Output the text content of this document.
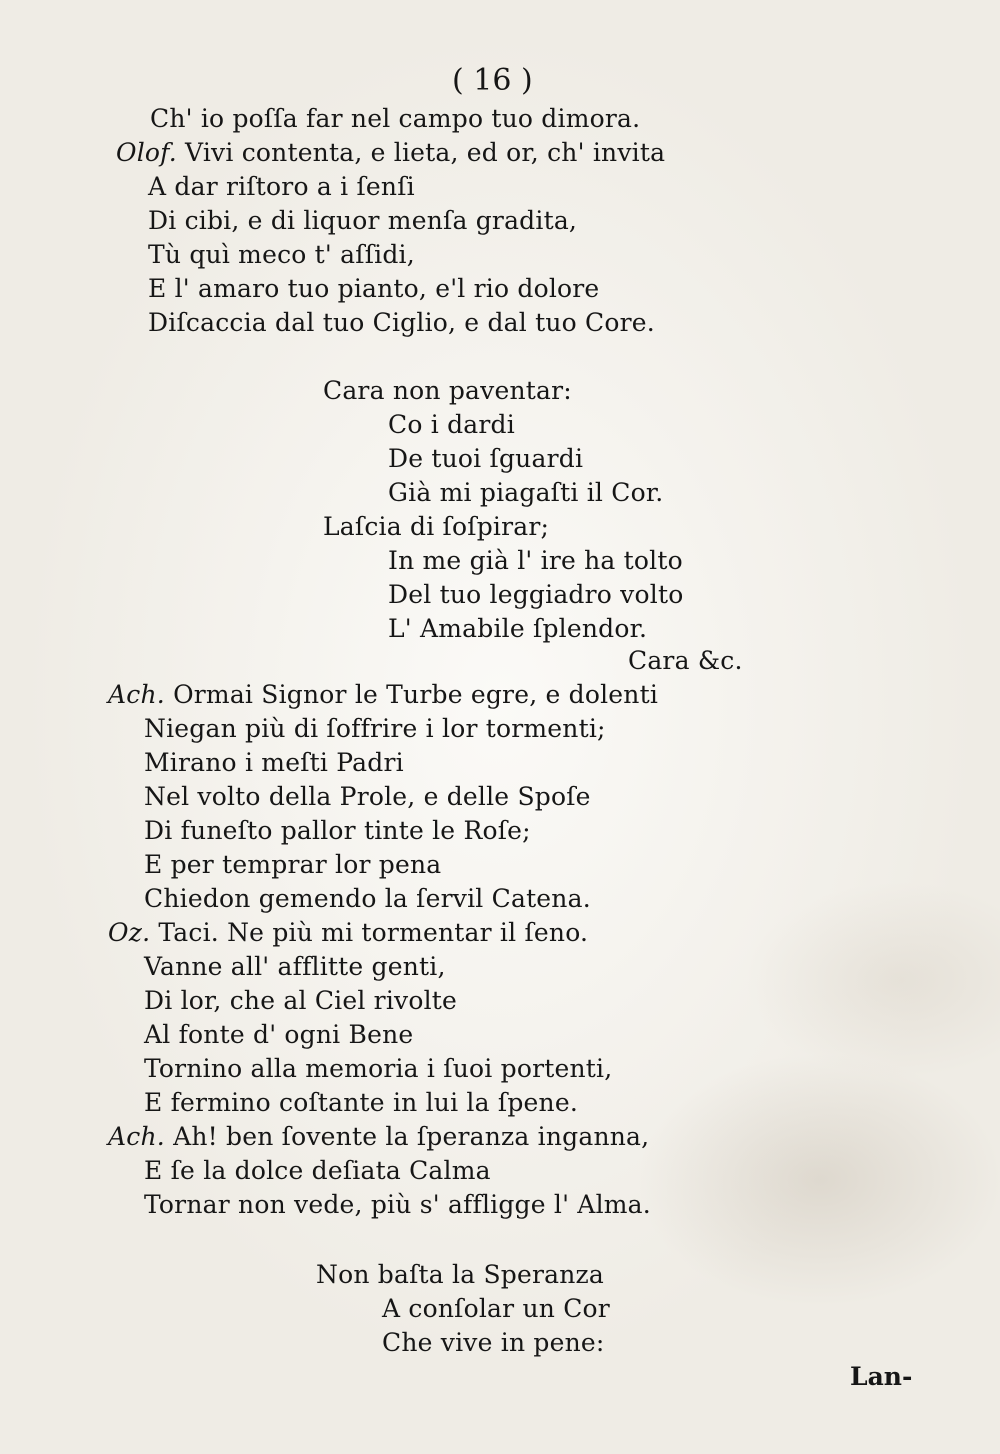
( 16 )
Ch' io poſſa far nel campo tuo dimora.
Olof. Vivi contenta, e lieta, ed or, ch' invita
A dar riſtoro a i ſenſi
Di cibi, e di liquor menſa gradita,
Tù quì meco t' aſſidi,
E l' amaro tuo pianto, e'l rio dolore
Diſcaccia dal tuo Ciglio, e dal tuo Core.
Cara non paventar:
Co i dardi
De tuoi ſguardi
Già mi piagaſti il Cor.
Laſcia di ſoſpirar;
In me già l' ire ha tolto
Del tuo leggiadro volto
L' Amabile ſplendor.
Cara &c.
Ach. Ormai Signor le Turbe egre, e dolenti
Niegan più di ſoffrire i lor tormenti;
Mirano i meſti Padri
Nel volto della Prole, e delle Spoſe
Di funeſto pallor tinte le Roſe;
E per temprar lor pena
Chiedon gemendo la ſervil Catena.
Oz. Taci. Ne più mi tormentar il ſeno.
Vanne all' afflitte genti,
Di lor, che al Ciel rivolte
Al fonte d' ogni Bene
Tornino alla memoria i ſuoi portenti,
E fermino coſtante in lui la ſpene.
Ach. Ah! ben ſovente la ſperanza inganna,
E ſe la dolce deſiata Calma
Tornar non vede, più s' affligge l' Alma.
Non baſta la Speranza
A conſolar un Cor
Che vive in pene:
Lan-
